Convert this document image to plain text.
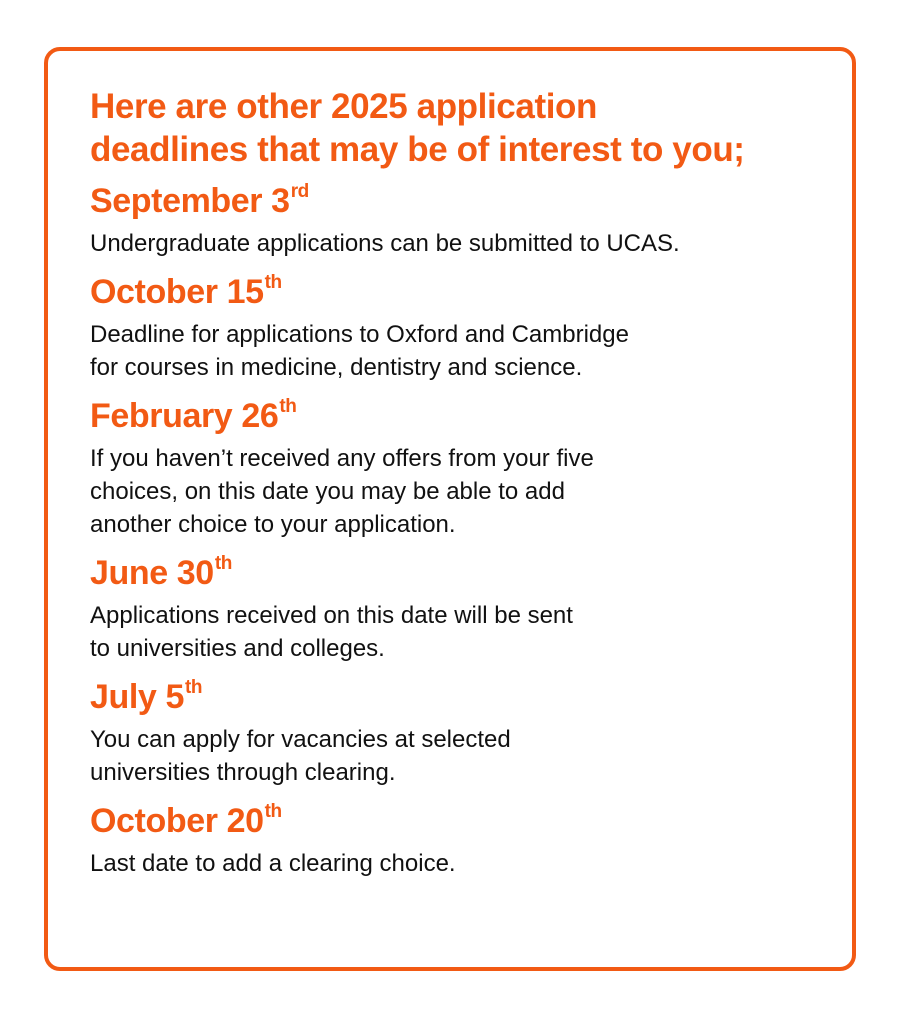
Here are other 2025 application
deadlines that may be of interest to you;
September 3rd

Undergraduate applications can be submitted to UCAS.

October 15th

Deadline for applications to Oxford and Cambridge
for courses in medicine, dentistry and science.

February 26th

If you haven’t received any offers from your five
choices, on this date you may be able to add
another choice to your application.

June 30th

Applications received on this date will be sent
to universities and colleges.

July 5th

You can apply for vacancies at selected
universities through clearing.

October 20th

Last date to add a clearing choice.
